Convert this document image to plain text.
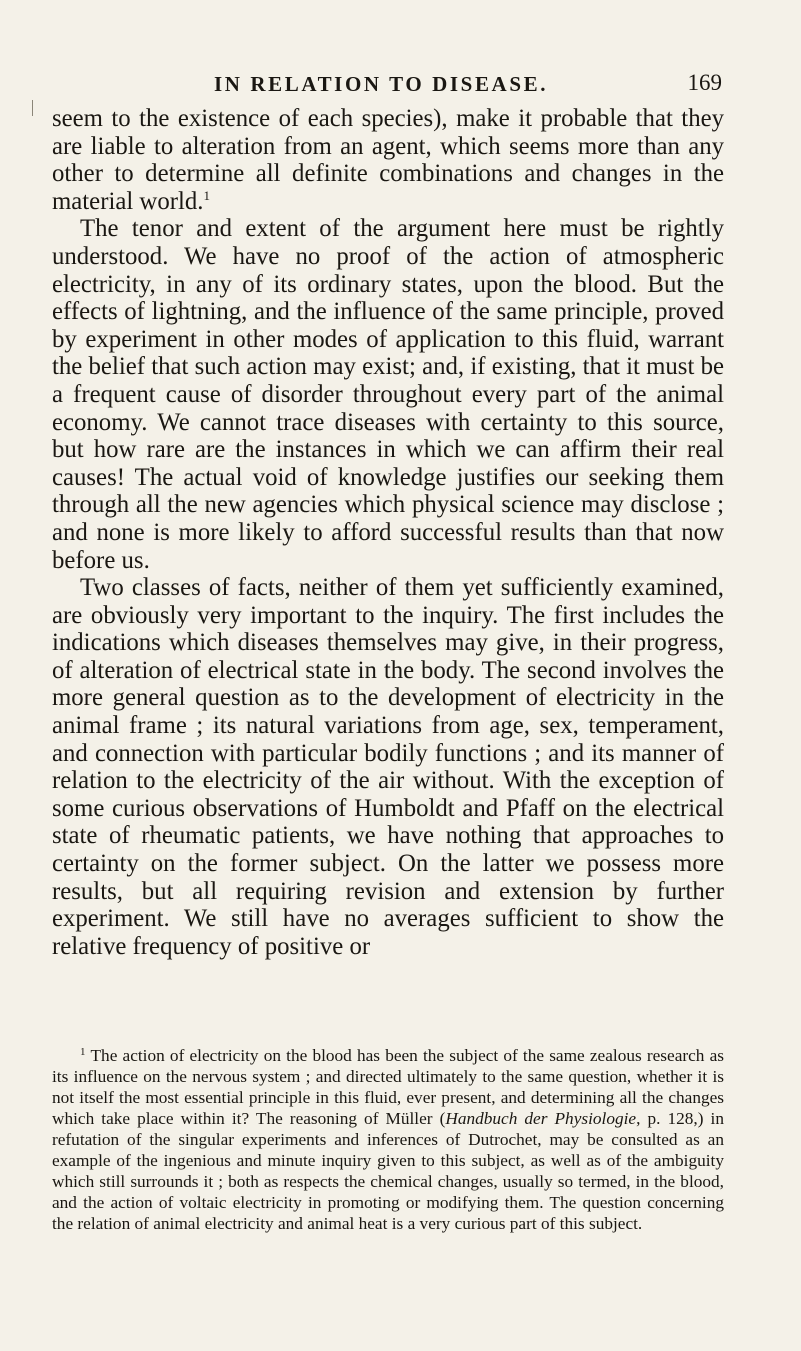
IN RELATION TO DISEASE.	169

seem to the existence of each species), make it probable that they are liable to alteration from an agent, which seems more than any other to determine all definite combinations and changes in the material world.$^1$

The tenor and extent of the argument here must be rightly understood. We have no proof of the action of atmospheric electricity, in any of its ordinary states, upon the blood. But the effects of lightning, and the influence of the same principle, proved by experiment in other modes of application to this fluid, warrant the belief that such action may exist; and, if existing, that it must be a frequent cause of disorder throughout every part of the animal economy. We cannot trace diseases with certainty to this source, but how rare are the instances in which we can affirm their real causes! The actual void of knowledge justifies our seeking them through all the new agencies which physical science may disclose ; and none is more likely to afford successful results than that now before us.

Two classes of facts, neither of them yet sufficiently examined, are obviously very important to the inquiry. The first includes the indications which diseases themselves may give, in their progress, of alteration of electrical state in the body. The second involves the more general question as to the development of electricity in the animal frame ; its natural variations from age, sex, temperament, and connection with particular bodily functions ; and its manner of relation to the electricity of the air without. With the exception of some curious observations of Humboldt and Pfaff on the electrical state of rheumatic patients, we have nothing that approaches to certainty on the former subject. On the latter we possess more results, but all requiring revision and extension by further experiment. We still have no averages sufficient to show the relative frequency of positive or

$^1$ The action of electricity on the blood has been the subject of the same zealous research as its influence on the nervous system ; and directed ultimately to the same question, whether it is not itself the most essential principle in this fluid, ever present, and determining all the changes which take place within it? The reasoning of Müller (Handbuch der Physiologie, p. 128,) in refutation of the singular experiments and inferences of Dutrochet, may be consulted as an example of the ingenious and minute inquiry given to this subject, as well as of the ambiguity which still surrounds it ; both as respects the chemical changes, usually so termed, in the blood, and the action of voltaic electricity in promoting or modifying them. The question concerning the relation of animal electricity and animal heat is a very curious part of this subject.
